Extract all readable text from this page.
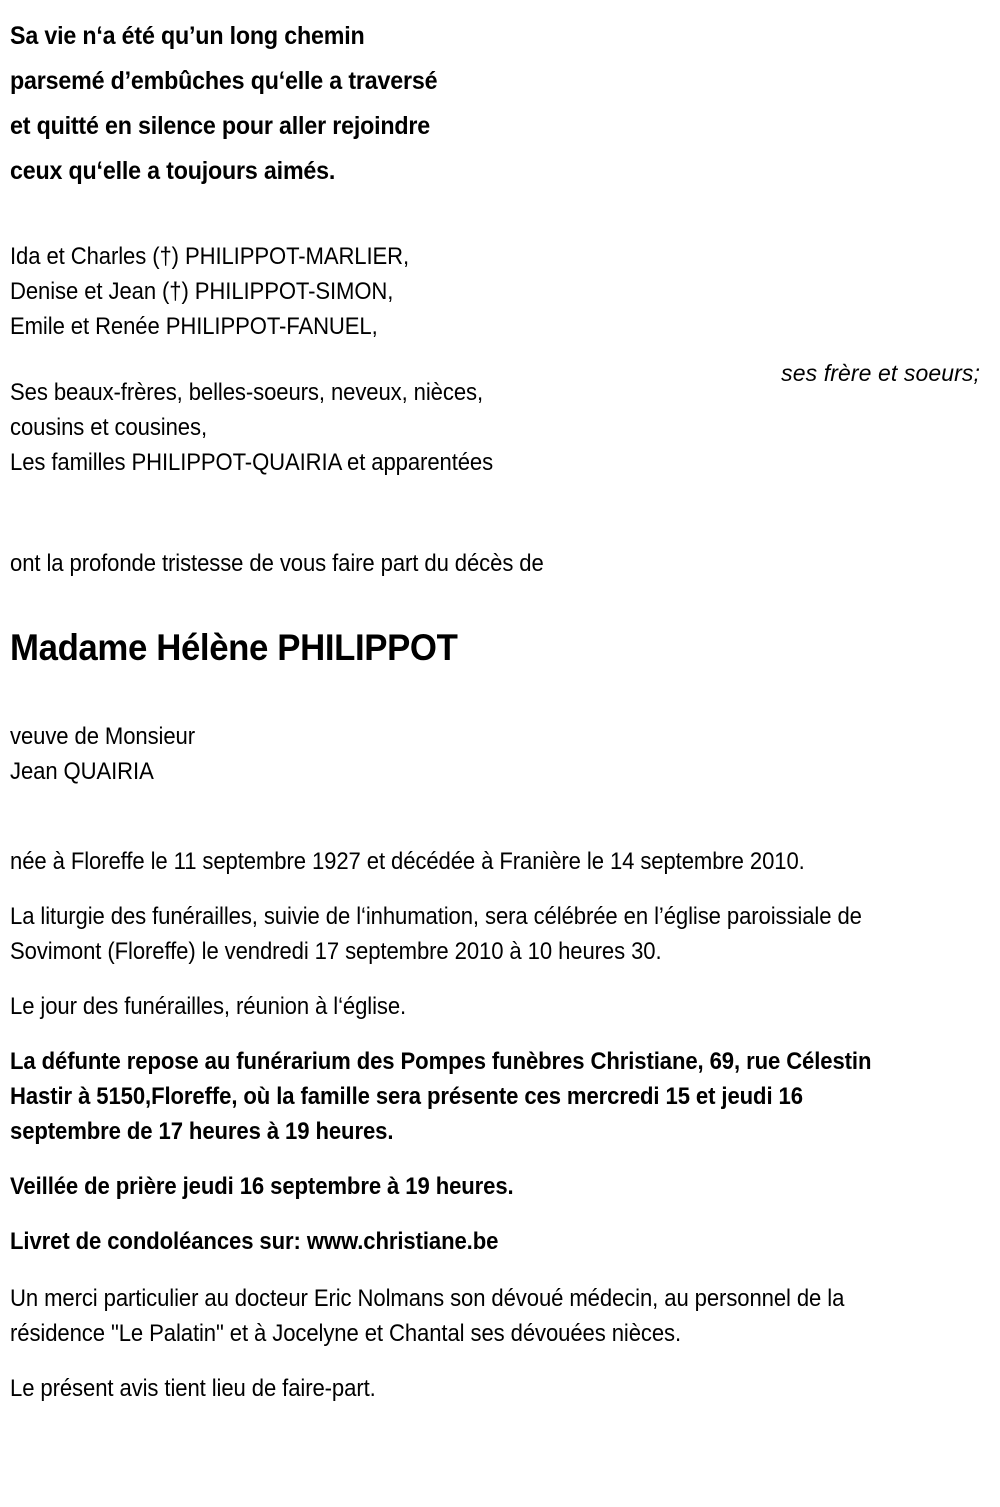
Sa vie n‘a été qu’un long chemin
parsemé d’embûches qu‘elle a traversé
et quitté en silence pour aller rejoindre
ceux qu‘elle a toujours aimés.
Ida et Charles (†) PHILIPPOT-MARLIER,
Denise et Jean (†) PHILIPPOT-SIMON,
Emile et Renée PHILIPPOT-FANUEL,
ses frère et soeurs;
Ses beaux-frères, belles-soeurs, neveux, nièces,
cousins et cousines,
Les familles PHILIPPOT-QUAIRIA et apparentées
ont la profonde tristesse de vous faire part du décès de
Madame Hélène PHILIPPOT
veuve de Monsieur
Jean QUAIRIA

née à Floreffe le 11 septembre 1927 et décédée à Franière le 14 septembre 2010.

La liturgie des funérailles, suivie de l‘inhumation, sera célébrée en l’église paroissiale de Sovimont (Floreffe) le vendredi 17 septembre 2010 à 10 heures 30.

Le jour des funérailles, réunion à l‘église.

La défunte repose au funérarium des Pompes funèbres Christiane, 69, rue Célestin Hastir à 5150,Floreffe, où la famille sera présente ces mercredi 15 et jeudi 16 septembre de 17 heures à 19 heures.

Veillée de prière jeudi 16 septembre à 19 heures.

Livret de condoléances sur: www.christiane.be

Un merci particulier au docteur Eric Nolmans son dévoué médecin, au personnel de la résidence "Le Palatin" et à Jocelyne et Chantal ses dévouées nièces.

Le présent avis tient lieu de faire-part.
